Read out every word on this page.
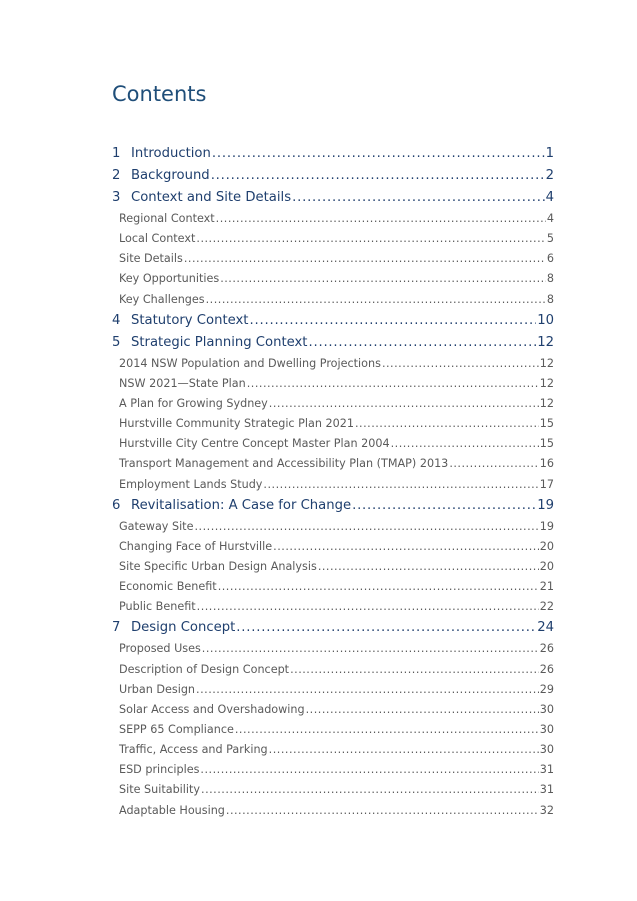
Contents
1 Introduction .....	1
2 Background .....	2
3 Context and Site Details .....	4
Regional Context .....	4
Local Context .....	5
Site Details .....	6
Key Opportunities .....	8
Key Challenges .....	8
4 Statutory Context .....	10
5 Strategic Planning Context .....	12
2014 NSW Population and Dwelling Projections .....	12
NSW 2021—State Plan .....	12
A Plan for Growing Sydney .....	12
Hurstville Community Strategic Plan 2021 .....	15
Hurstville City Centre Concept Master Plan 2004 .....	15
Transport Management and Accessibility Plan (TMAP) 2013 .....	16
Employment Lands Study .....	17
6 Revitalisation: A Case for Change .....	19
Gateway Site .....	19
Changing Face of Hurstville .....	20
Site Specific Urban Design Analysis .....	20
Economic Benefit .....	21
Public Benefit .....	22
7 Design Concept .....	24
Proposed Uses .....	26
Description of Design Concept .....	26
Urban Design .....	29
Solar Access and Overshadowing .....	30
SEPP 65 Compliance .....	30
Traffic, Access and Parking .....	30
ESD principles .....	31
Site Suitability .....	31
Adaptable Housing .....	32
